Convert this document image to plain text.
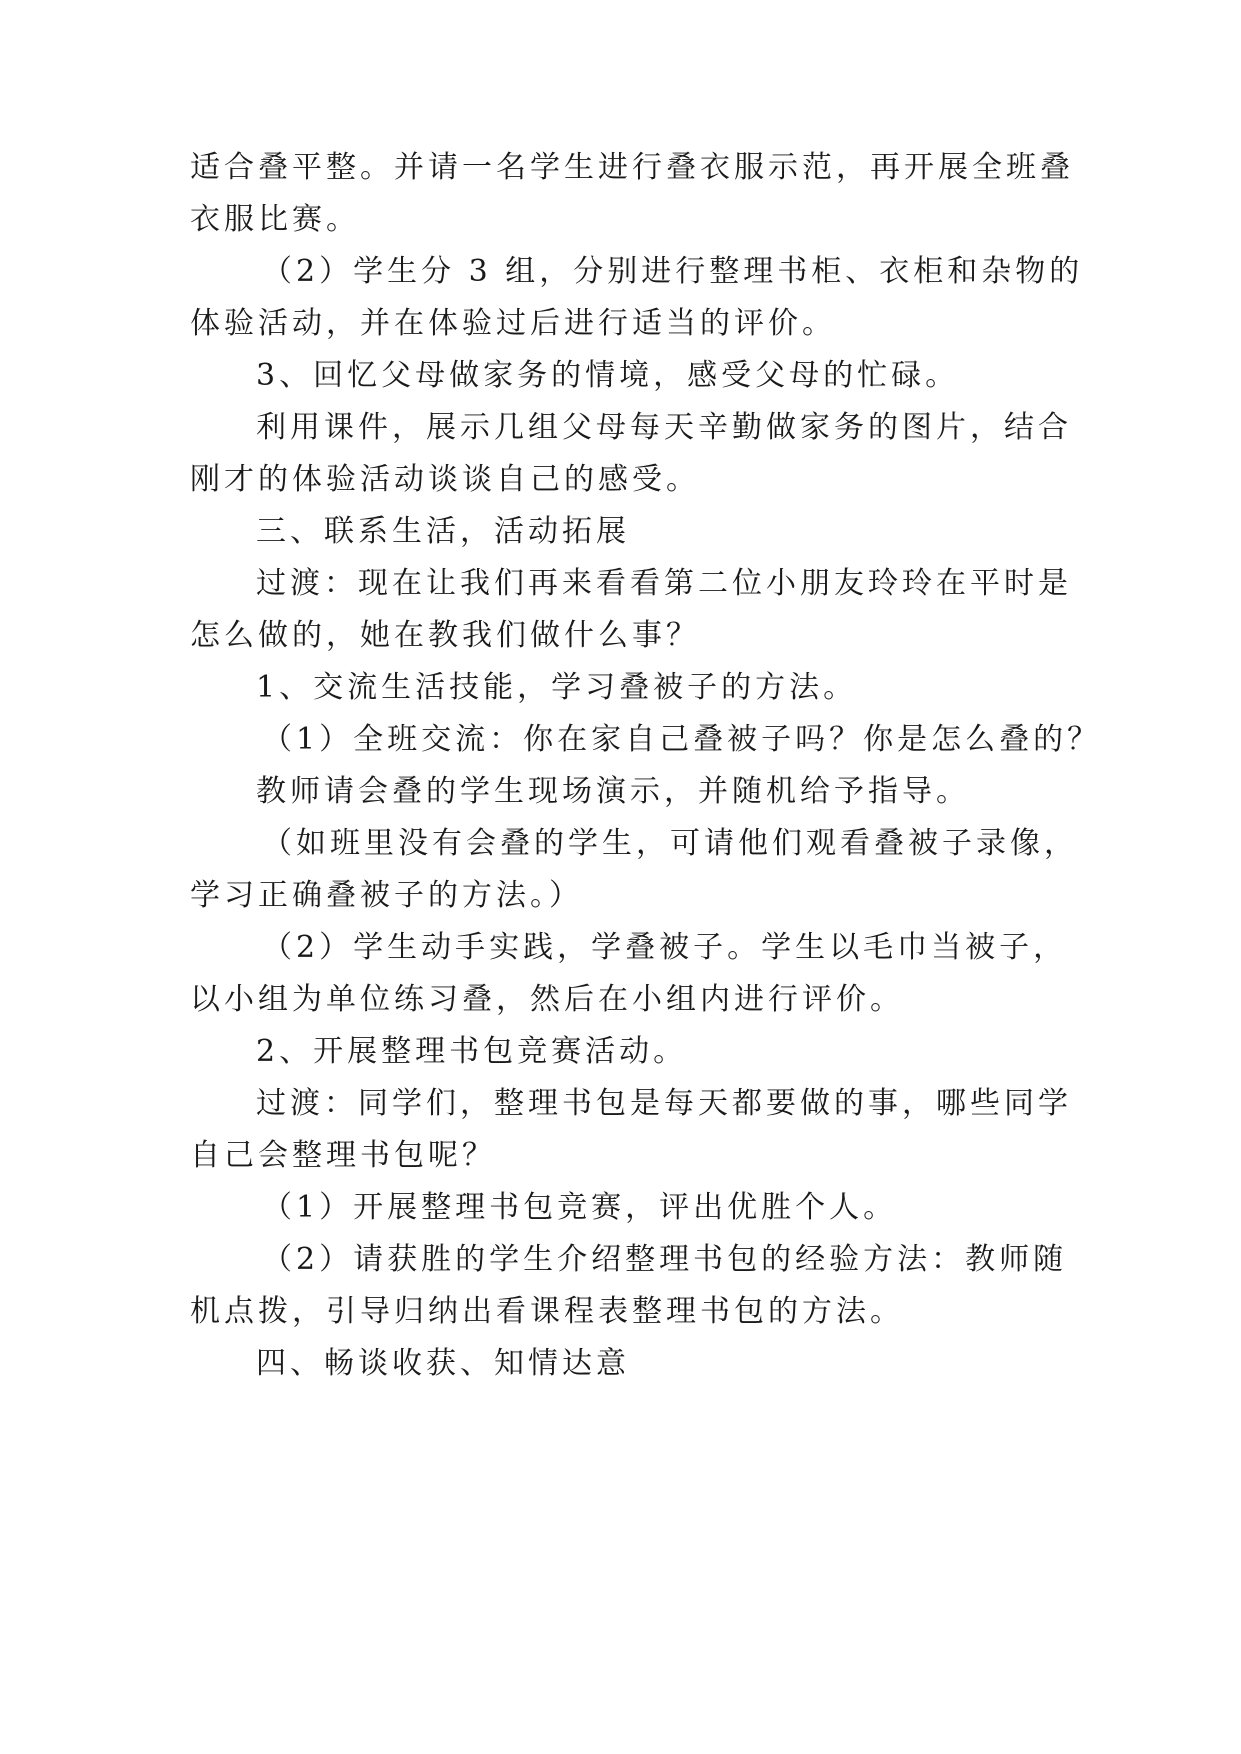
适合叠平整。并请一名学生进行叠衣服示范，再开展全班叠
衣服比赛。
（2）学生分 3 组，分别进行整理书柜、衣柜和杂物的
体验活动，并在体验过后进行适当的评价。
3、回忆父母做家务的情境，感受父母的忙碌。
利用课件，展示几组父母每天辛勤做家务的图片，结合
刚才的体验活动谈谈自己的感受。
三、联系生活，活动拓展
过渡：现在让我们再来看看第二位小朋友玲玲在平时是
怎么做的，她在教我们做什么事？
1、交流生活技能，学习叠被子的方法。
（1）全班交流：你在家自己叠被子吗？你是怎么叠的？
教师请会叠的学生现场演示，并随机给予指导。
（如班里没有会叠的学生，可请他们观看叠被子录像，
学习正确叠被子的方法。）
（2）学生动手实践，学叠被子。学生以毛巾当被子，
以小组为单位练习叠，然后在小组内进行评价。
2、开展整理书包竞赛活动。
过渡：同学们，整理书包是每天都要做的事，哪些同学
自己会整理书包呢？
（1）开展整理书包竞赛，评出优胜个人。
（2）请获胜的学生介绍整理书包的经验方法：教师随
机点拨，引导归纳出看课程表整理书包的方法。
四、畅谈收获、知情达意
